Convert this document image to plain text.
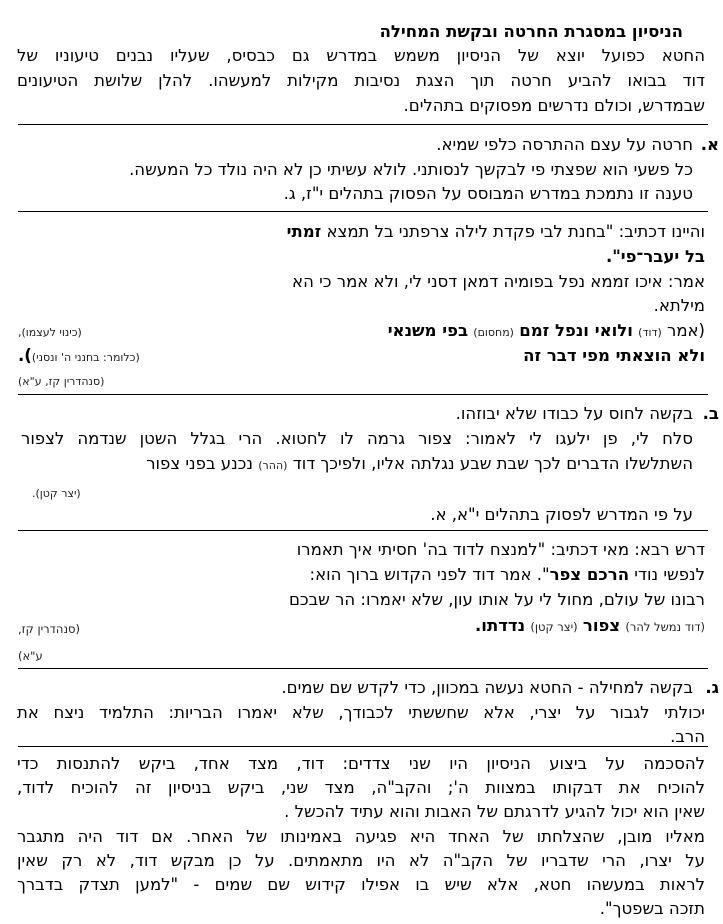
הניסיון במסגרת החרטה ובקשת המחילה
החטא כפועל יוצא של הניסיון משמש במדרש גם כבסיס, שעליו נבנים טיעוניו של
דוד בבואו להביע חרטה תוך הצגת נסיבות מקילות למעשהו. להלן שלושת הטיעונים
שבמדרש, וכולם נדרשים מפסוקים בתהלים.
א.
חרטה על עצם ההתרסה כלפי שמיא.
כל פשעי הוא שפצתי פי לבקשך לנסותני. לולא עשיתי כן לא היה נולד כל המעשה.
טענה זו נתמכת במדרש המבוסס על הפסוק בתהלים י"ז, ג.
והיינו דכתיב: "בחנת לבי פקדת לילה צרפתני בל תמצא זמתי
בל יעבר־פי".
אמר: איכו זממא נפל בפומיה דמאן דסני לי, ולא אמר כי הא
מילתא.
(אמר (דוד) ולואי ונפל זמם (מחסום) בפי משנאי
(כינוי לעצמו),
ולא הוצאתי מפי דבר זה
(כלומר: בחנני ה' ונסני)).
(סנהדרין קז, ע"א)
ב.
בקשה לחוס על כבודו שלא יבוזהו.
סלח לי, פן ילעגו לי לאמור: צפור גרמה לו לחטוא. הרי בגלל השטן שנדמה לצפור
השתלשלו הדברים לכך שבת שבע נגלתה אליו, ולפיכך דוד (ההר) נכנע בפני צפור
(יצר קטן).
על פי המדרש לפסוק בתהלים י"א, א.
דרש רבא: מאי דכתיב: "למנצח לדוד בה' חסיתי איך תאמרו
לנפשי נודי הרכם צפר". אמר דוד לפני הקדוש ברוך הוא:
רבונו של עולם, מחול לי על אותו עון, שלא יאמרו: הר שבכם
(דוד נמשל להר) צפור (יצר קטן) נדדתו.
(סנהדרין קז,
ע"א)
ג.
בקשה למחילה - החטא נעשה במכוון, כדי לקדש שם שמים.
יכולתי לגבור על יצרי, אלא שחששתי לכבודך, שלא יאמרו הבריות: התלמיד ניצח את
הרב.
להסכמה על ביצוע הניסיון היו שני צדדים: דוד, מצד אחד, ביקש להתנסות כדי
להוכיח את דבקותו במצוות ה'; והקב"ה, מצד שני, ביקש בניסיון זה להוכיח לדוד,
שאין הוא יכול להגיע לדרגתם של האבות והוא עתיד להכשל .
מאליו מובן, שהצלחתו של האחד היא פגיעה באמינותו של האחר. אם דוד היה מתגבר
על יצרו, הרי שדבריו של הקב"ה לא היו מתאמתים. על כן מבקש דוד, לא רק שאין
לראות במעשהו חטא, אלא שיש בו אפילו קידוש שם שמים - "למען תצדק בדברך
תזכה בשפטך".
